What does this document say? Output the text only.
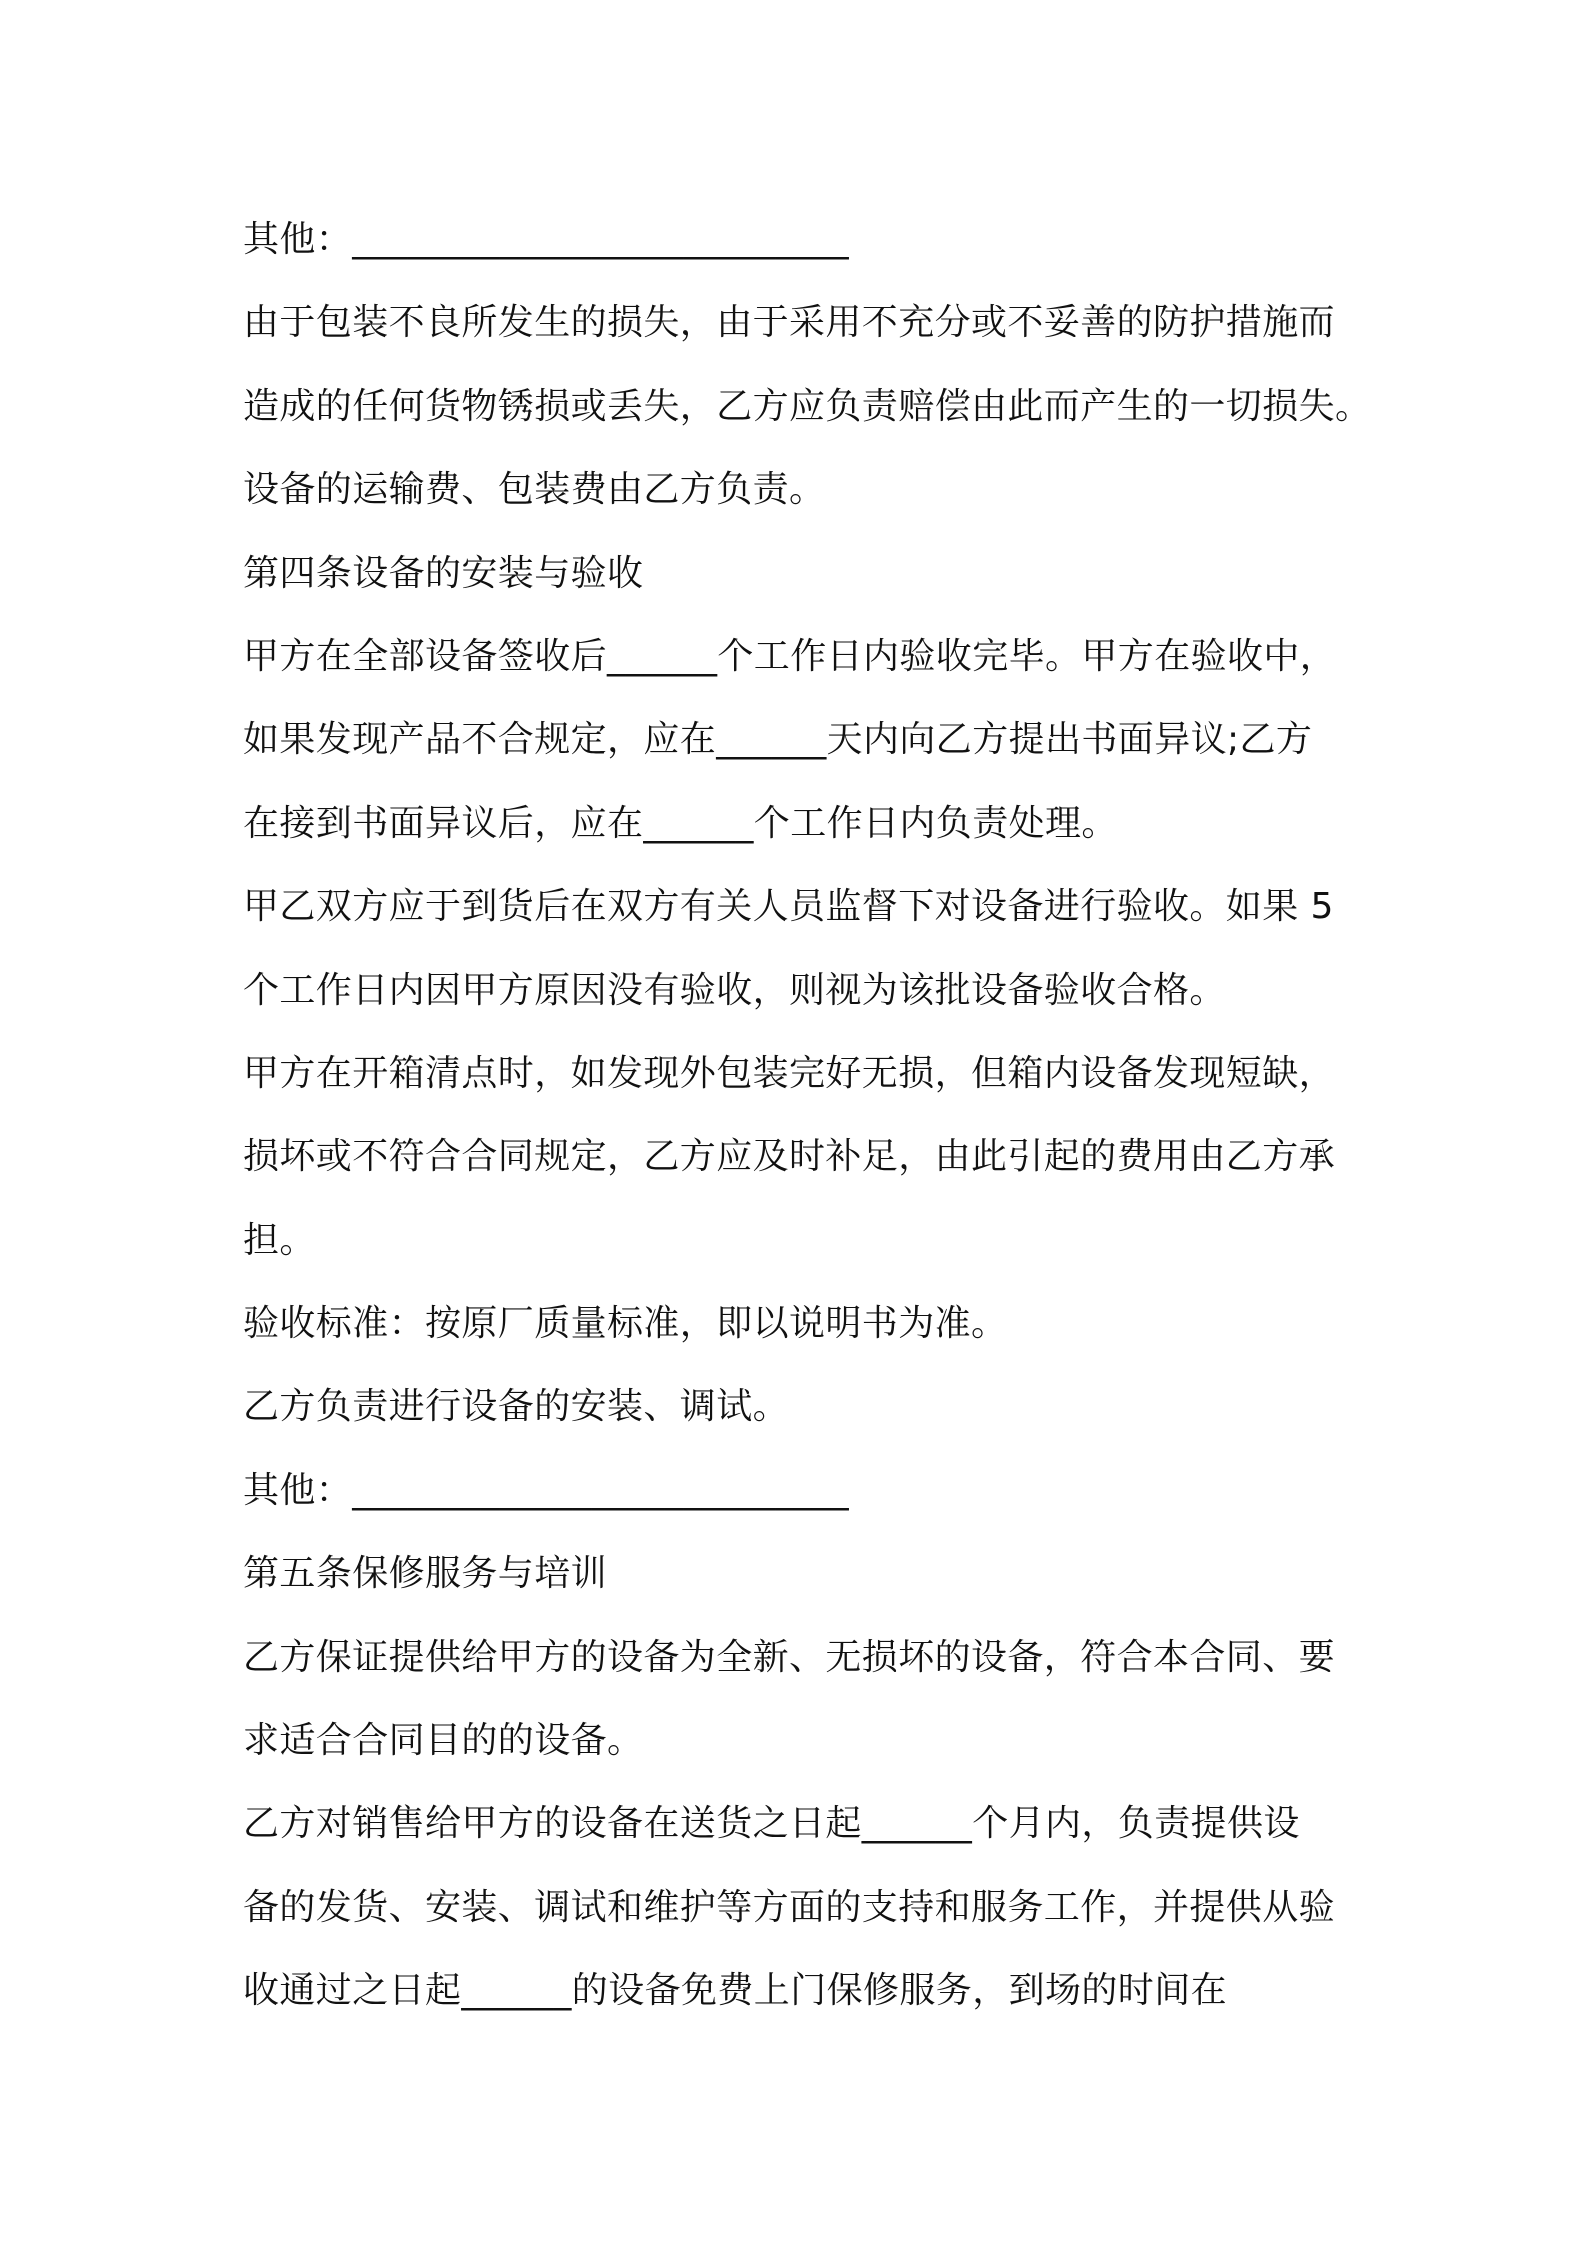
其他：___________________________
由于包装不良所发生的损失，由于采用不充分或不妥善的防护措施而
造成的任何货物锈损或丢失，乙方应负责赔偿由此而产生的一切损失。
设备的运输费、包装费由乙方负责。
第四条设备的安装与验收
甲方在全部设备签收后______个工作日内验收完毕。甲方在验收中，
如果发现产品不合规定，应在______天内向乙方提出书面异议;乙方
在接到书面异议后，应在______个工作日内负责处理。
甲乙双方应于到货后在双方有关人员监督下对设备进行验收。如果 5
个工作日内因甲方原因没有验收，则视为该批设备验收合格。
甲方在开箱清点时，如发现外包装完好无损，但箱内设备发现短缺，
损坏或不符合合同规定，乙方应及时补足，由此引起的费用由乙方承
担。
验收标准：按原厂质量标准，即以说明书为准。
乙方负责进行设备的安装、调试。
其他：___________________________
第五条保修服务与培训
乙方保证提供给甲方的设备为全新、无损坏的设备，符合本合同、要
求适合合同目的的设备。
乙方对销售给甲方的设备在送货之日起______个月内，负责提供设
备的发货、安装、调试和维护等方面的支持和服务工作，并提供从验
收通过之日起______的设备免费上门保修服务，到场的时间在
